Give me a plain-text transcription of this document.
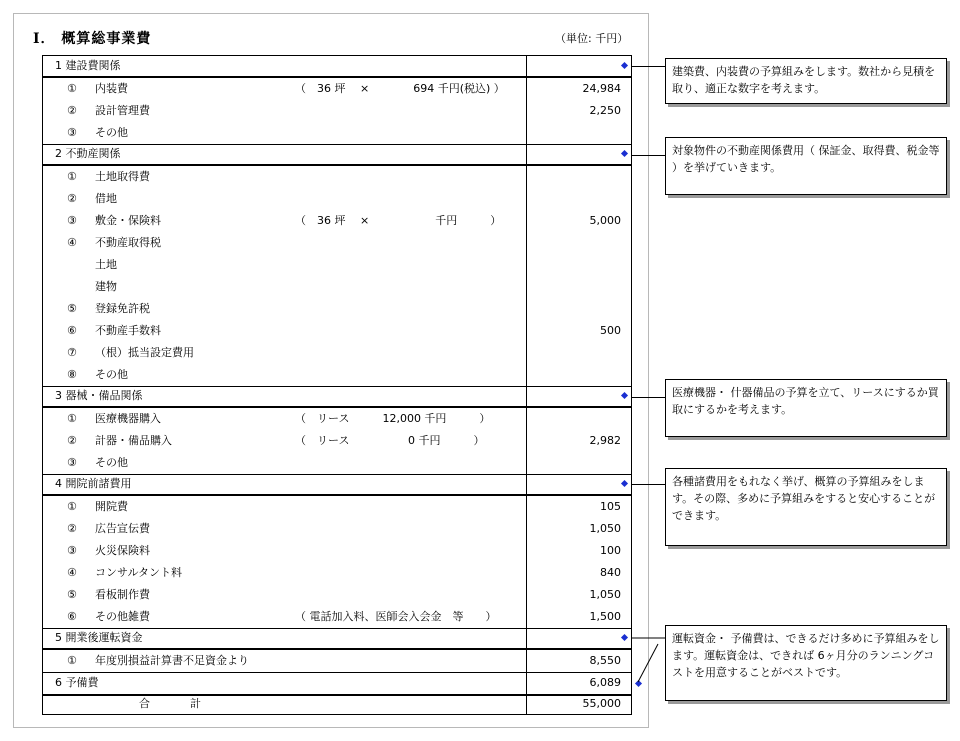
Ⅰ． 概算総事業費	（単位: 千円）
1 建設費関係
① 内装費	（　36 坪　 ×　　　　694 千円(税込) ）	24,984
② 設計管理費	2,250
③ その他
2 不動産関係
① 土地取得費
② 借地
③ 敷金・保険料	（　36 坪　 ×　　　　　　千円　　　）	5,000
④ 不動産取得税
土地
建物
⑤ 登録免許税
⑥ 不動産手数料	500
⑦ （根）抵当設定費用
⑧ その他
3 器械・備品関係
① 医療機器購入	（　リース　　　12,000 千円　　　）
② 計器・備品購入	（　リース　　　　　 0 千円　　　）	2,982
③ その他
4 開院前諸費用
① 開院費	105
② 広告宣伝費	1,050
③ 火災保険料	100
④ コンサルタント料	840
⑤ 看板制作費	1,050
⑥ その他雑費	（ 電話加入料、医師会入会金　等　　）	1,500
5 開業後運転資金
① 年度別損益計算書不足資金より	8,550
6 予備費	6,089
建築費、内装費の予算組みをします。数社から見積を取り、適正な数字を考えます。
対象物件の不動産関係費用（ 保証金、取得費、税金等 ）を挙げていきます。
医療機器・ 什器備品の予算を立て、リースにするか買取にするかを考えます。
各種諸費用をもれなく挙げ、概算の予算組みをします。その際、多めに予算組みをすると安心することができます。
運転資金・ 予備費は、できるだけ多めに予算組みをします。運転資金は、できれば 6ヶ月分のランニングコストを用意することがベストです。
合計	55,000
